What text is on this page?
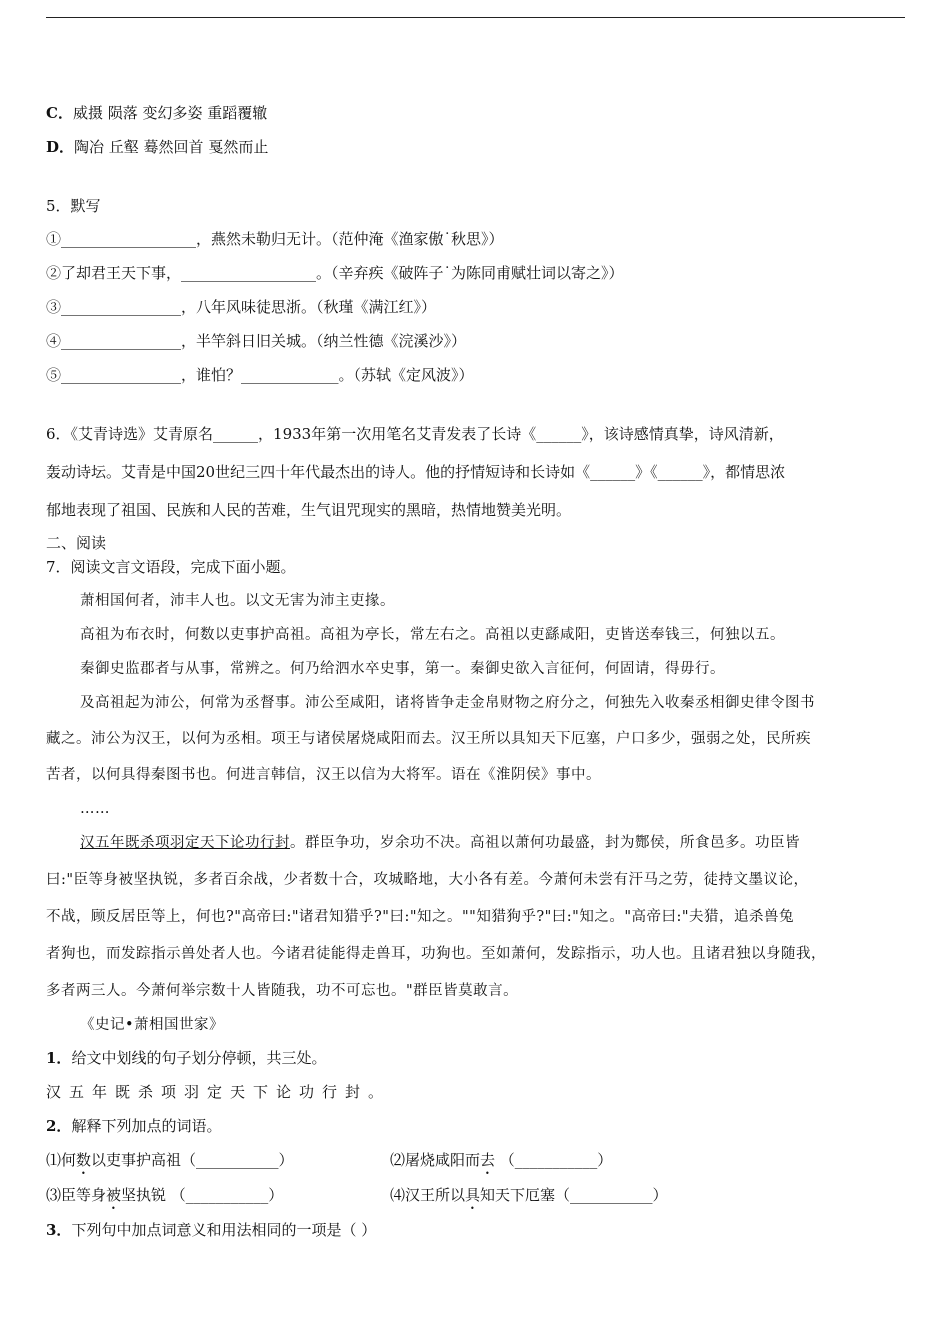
C．威摄 陨落 变幻多姿 重蹈覆辙
D．陶冶 丘壑 蓦然回首 戛然而止
5．默写
①__________________，燕然未勒归无计。（范仲淹《渔家傲˙秋思》）
②了却君王天下事，__________________。（辛弃疾《破阵子˙为陈同甫赋壮词以寄之》）
③________________，八年风味徒思浙。（秋瑾《满江红》）
④________________，半竿斜日旧关城。（纳兰性德《浣溪沙》）
⑤________________，谁怕？_____________。（苏轼《定风波》）
6．《艾青诗选》艾青原名______，1933年第一次用笔名艾青发表了长诗《______》，该诗感情真挚，诗风清新，
轰动诗坛。艾青是中国20世纪三四十年代最杰出的诗人。他的抒情短诗和长诗如《______》《______》，都情思浓
郁地表现了祖国、民族和人民的苦难，生气诅咒现实的黑暗，热情地赞美光明。
二、阅读
7．阅读文言文语段，完成下面小题。
萧相国何者，沛丰人也。以文无害为沛主吏掾。
高祖为布衣时，何数以吏事护高祖。高祖为亭长，常左右之。高祖以吏繇咸阳，吏皆送奉钱三，何独以五。
秦御史监郡者与从事，常辨之。何乃给泗水卒史事，第一。秦御史欲入言征何，何固请，得毋行。
及高祖起为沛公，何常为丞督事。沛公至咸阳，诸将皆争走金帛财物之府分之，何独先入收秦丞相御史律令图书
藏之。沛公为汉王，以何为丞相。项王与诸侯屠烧咸阳而去。汉王所以具知天下厄塞，户口多少，强弱之处，民所疾
苦者，以何具得秦图书也。何进言韩信，汉王以信为大将军。语在《淮阴侯》事中。
……
汉五年既杀项羽定天下论功行封。群臣争功，岁余功不决。高祖以萧何功最盛，封为酂侯，所食邑多。功臣皆
曰:"臣等身被坚执锐，多者百余战，少者数十合，攻城略地，大小各有差。今萧何未尝有汗马之劳，徒持文墨议论，
不战，顾反居臣等上，何也?"高帝曰:"诸君知猎乎?"曰:"知之。""知猎狗乎?"曰:"知之。"高帝曰:"夫猎，追杀兽兔
者狗也，而发踪指示兽处者人也。今诸君徒能得走兽耳，功狗也。至如萧何，发踪指示，功人也。且诸君独以身随我，
多者两三人。今萧何举宗数十人皆随我，功不可忘也。"群臣皆莫敢言。
《史记•萧相国世家》
1．给文中划线的句子划分停顿，共三处。
汉五年既杀项羽定天下论功行封。
2．解释下列加点的词语。
⑴何数以吏事护高祖（___________）	⑵屠烧咸阳而去 （___________）
⑶臣等身被坚执锐 （___________）	⑷汉王所以具知天下厄塞（___________）
3．下列句中加点词意义和用法相同的一项是（ ）
